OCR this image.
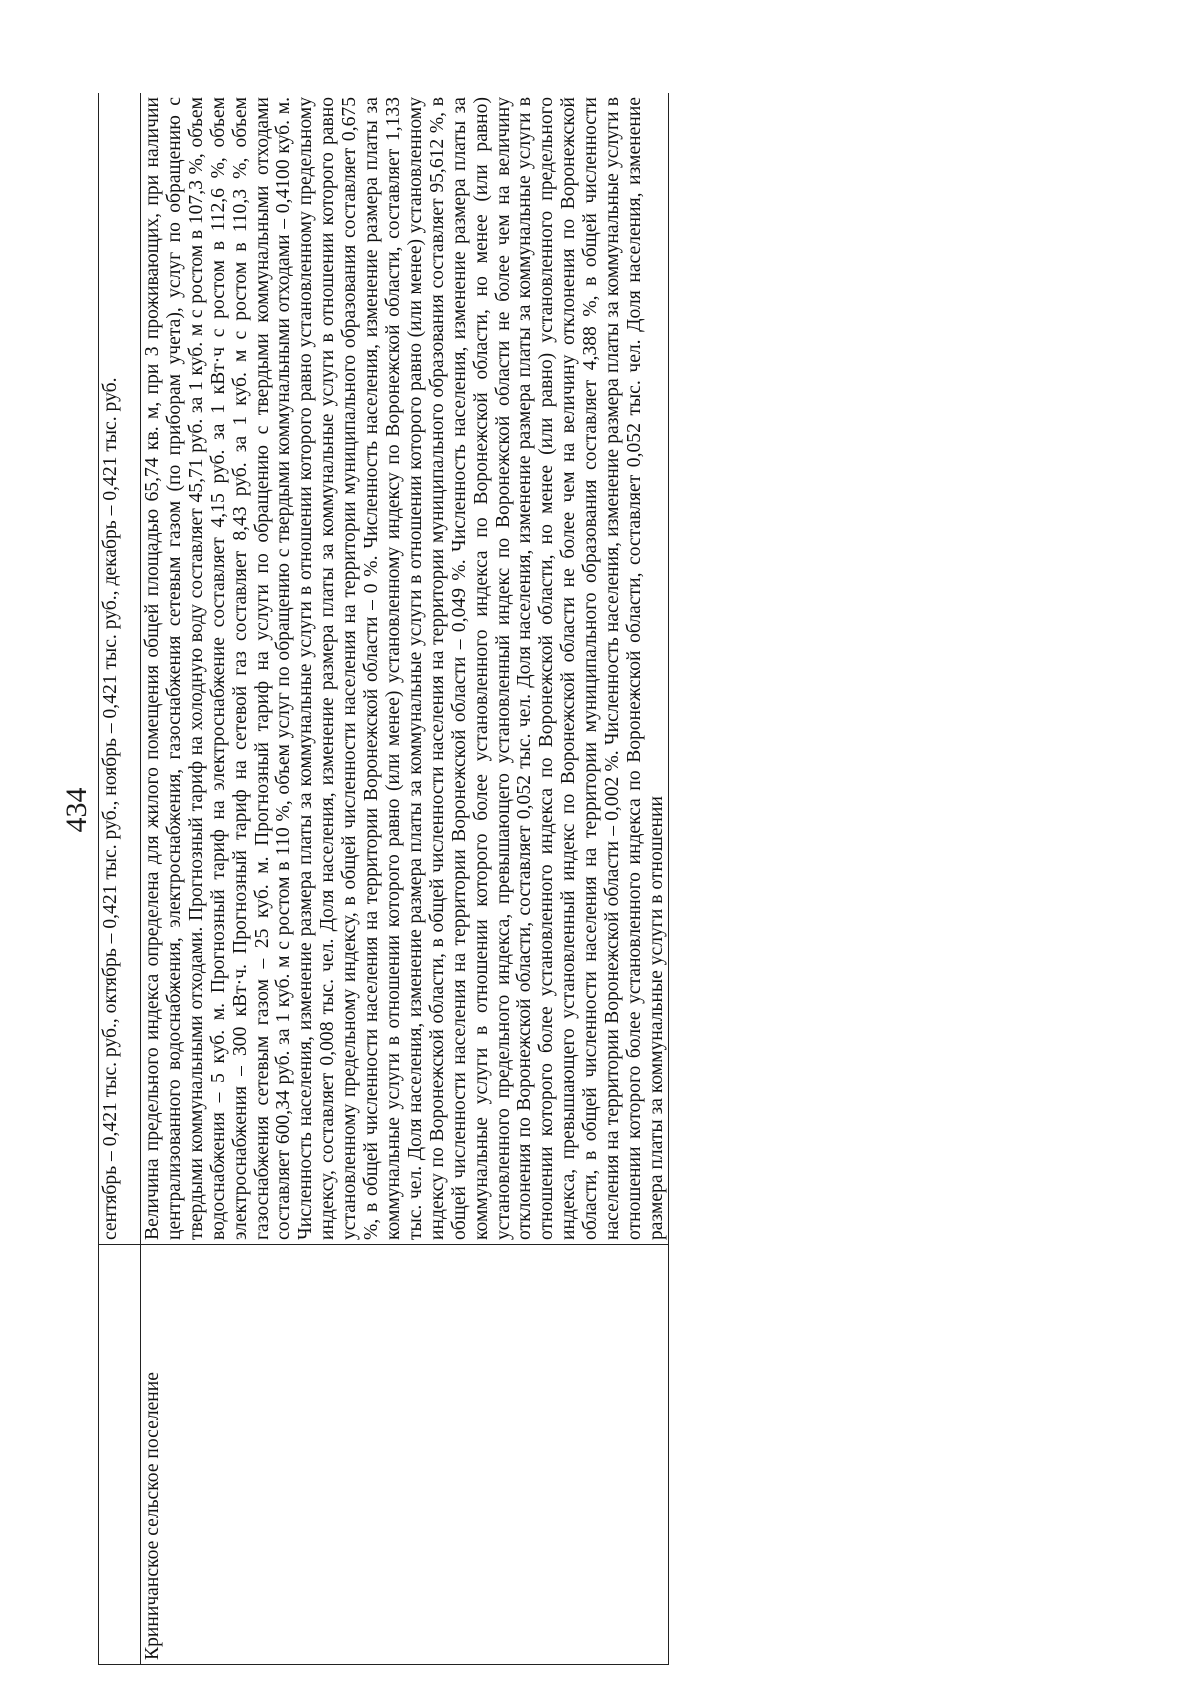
434
	сентябрь – 0,421 тыс. руб., октябрь – 0,421 тыс. руб., ноябрь – 0,421 тыс. руб., декабрь – 0,421 тыс. руб.
Криничанское сельское поселение	Величина предельного индекса определена для жилого помещения общей площадью 65,74 кв. м, при 3 проживающих, при наличии централизованного водоснабжения, электроснабжения, газоснабжения сетевым газом (по приборам учета), услуг по обращению с твердыми коммунальными отходами. Прогнозный тариф на холодную воду составляет 45,71 руб. за 1 куб. м с ростом в 107,3 %, объем водоснабжения – 5 куб. м. Прогнозный тариф на электроснабжение составляет 4,15 руб. за 1 кВт·ч с ростом в 112,6 %, объем электроснабжения – 300 кВт·ч. Прогнозный тариф на сетевой газ составляет 8,43 руб. за 1 куб. м с ростом в 110,3 %, объем газоснабжения сетевым газом – 25 куб. м. Прогнозный тариф на услуги по обращению с твердыми коммунальными отходами составляет 600,34 руб. за 1 куб. м с ростом в 110 %, объем услуг по обращению с твердыми коммунальными отходами – 0,4100 куб. м. Численность населения, изменение размера платы за коммунальные услуги в отношении которого равно установленному предельному индексу, составляет 0,008 тыс. чел. Доля населения, изменение размера платы за коммунальные услуги в отношении которого равно установленному предельному индексу, в общей численности населения на территории муниципального образования составляет 0,675 %, в общей численности населения на территории Воронежской области – 0 %. Численность населения, изменение размера платы за коммунальные услуги в отношении которого равно (или менее) установленному индексу по Воронежской области, составляет 1,133 тыс. чел. Доля населения, изменение размера платы за коммунальные услуги в отношении которого равно (или менее) установленному индексу по Воронежской области, в общей численности населения на территории муниципального образования составляет 95,612 %, в общей численности населения на территории Воронежской области – 0,049 %. Численность населения, изменение размера платы за коммунальные услуги в отношении которого более установленного индекса по Воронежской области, но менее (или равно) установленного предельного индекса, превышающего установленный индекс по Воронежской области не более чем на величину отклонения по Воронежской области, составляет 0,052 тыс. чел. Доля населения, изменение размера платы за коммунальные услуги в отношении которого более установленного индекса по Воронежской области, но менее (или равно) установленного предельного индекса, превышающего установленный индекс по Воронежской области не более чем на величину отклонения по Воронежской области, в общей численности населения на территории муниципального образования составляет 4,388 %, в общей численности населения на территории Воронежской области – 0,002 %. Численность населения, изменение размера платы за коммунальные услуги в отношении которого более установленного индекса по Воронежской области, составляет 0,052 тыс. чел. Доля населения, изменение размера платы за коммунальные услуги в отношении
